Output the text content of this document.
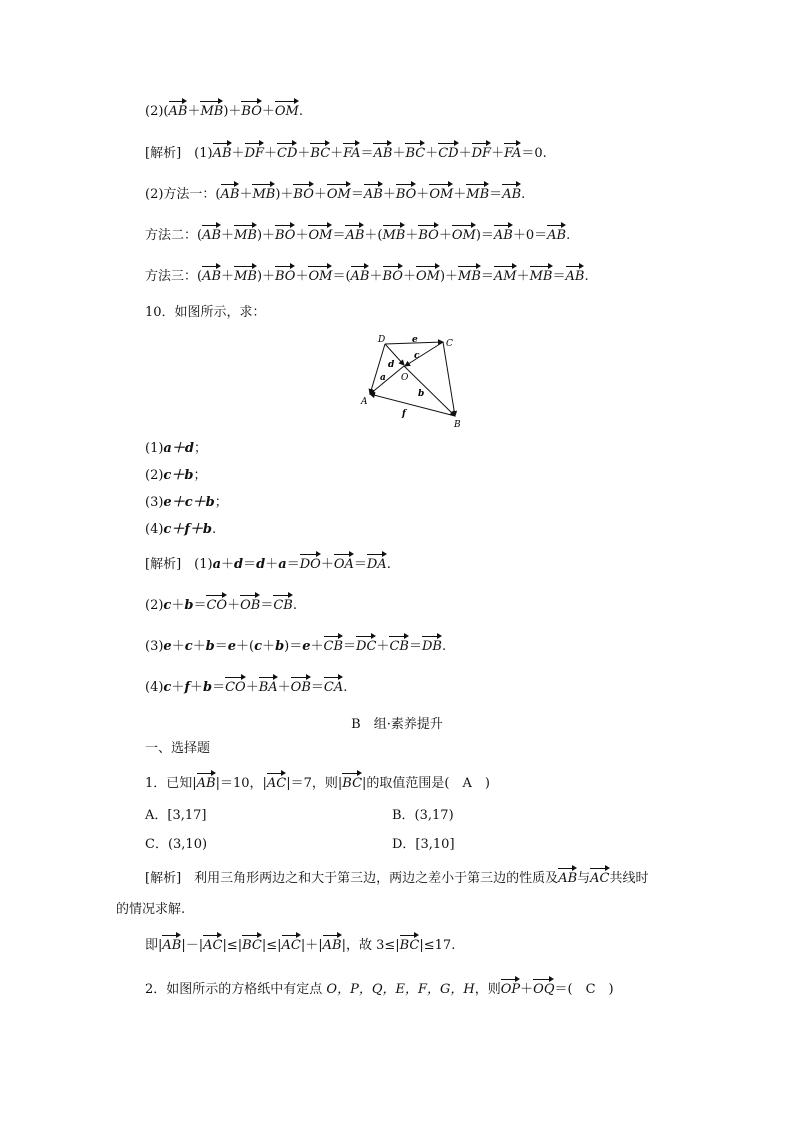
(2)(AB＋MB)＋BO＋OM.
[解析]　 (1)AB＋DF＋CD＋BC＋FA＝AB＋BC＋CD＋DF＋FA＝0.
(2)方法一：(AB＋MB)＋BO＋OM＝AB＋BO＋OM＋MB＝AB.
方法二：(AB＋MB)＋BO＋OM＝AB＋(MB＋BO＋OM)＝AB＋0＝AB.
方法三：(AB＋MB)＋BO＋OM＝(AB＋BO＋OM)＋MB＝AM＋MB＝AB.
10．如图所示，求：
D	C
O
A
B
e
c
d
a
b
f
(1)a＋d；
(2)c＋b；
(3)e＋c＋b；
(4)c＋f＋b.
[解析]　(1)a＋d＝d＋a＝DO＋OA＝DA.
(2)c＋b＝CO＋OB＝CB.
(3)e＋c＋b＝e＋(c＋b)＝e＋CB＝DC＋CB＝DB.
(4)c＋f＋b＝CO＋BA＋OB＝CA.
B　组·素养提升
一、选择题
1．已知|AB|＝10，|AC|＝7，则|BC|的取值范围是(　 A　 )
A．[3,17]	B．(3,17)
C．(3,10)	D．[3,10]
[解析]　 利用三角形两边之和大于第三边，两边之差小于第三边的性质及AB与AC共线时
的情况求解.
即|AB|－|AC|≤|BC|≤|AC|＋|AB|，故 3≤|BC|≤17.
2．如图所示的方格纸中有定点 O，P，Q，E，F，G，H，则OP＋OQ＝(　 C　 )
